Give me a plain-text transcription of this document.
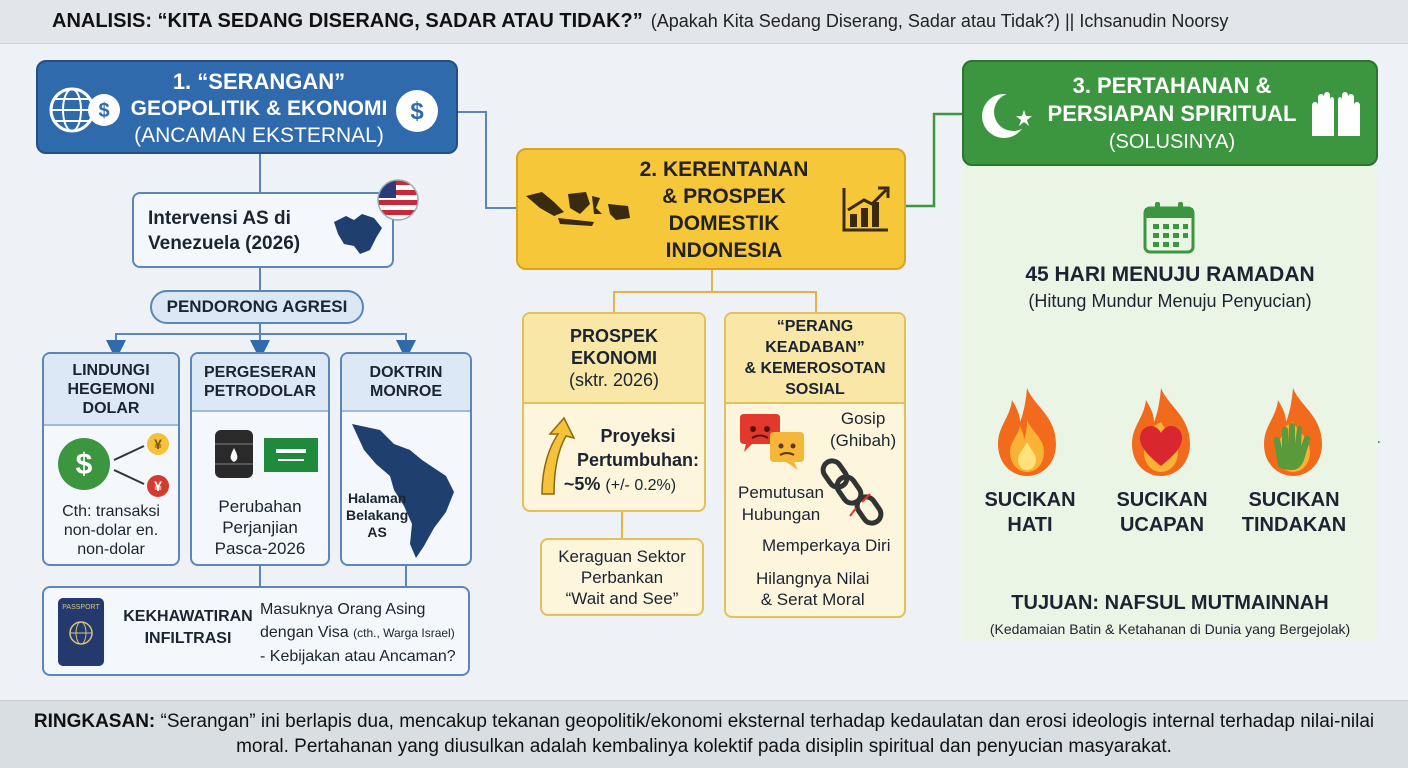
ANALISIS: “KITA SEDANG DISERANG, SADAR ATAU TIDAK?” (Apakah Kita Sedang Diserang, Sadar atau Tidak?) || Ichsanudin Noorsy
$
1. “SERANGAN”
GEOPOLITIK & EKONOMI
(ANCAMAN EKSTERNAL)
$
Intervensi AS di
Venezuela (2026)
PENDORONG AGRESI
LINDUNGI
HEGEMONI
DOLAR
$
¥
¥
Cth: transaksi
non-dolar en.
non-dolar
PERGESERAN
PETRODOLAR
Perubahan
Perjanjian
Pasca-2026
DOKTRIN
MONROE
Halaman
Belakang
AS
PASSPORT
KEKHAWATIRAN
INFILTRASI
Masuknya Orang Asing
dengan Visa (cth., Warga Israel)
- Kebijakan atau Ancaman?
2. KERENTANAN
& PROSPEK
DOMESTIK
INDONESIA
PROSPEK
EKONOMI
(sktr. 2026)
Proyeksi
Pertumbuhan:
~5% (+/- 0.2%)
Keraguan Sektor
Perbankan
“Wait and See”
“PERANG KEADABAN”
& KEMEROSOTAN
SOSIAL
Gosip
(Ghibah)
Pemutusan
Hubungan
Memperkaya Diri
Hilangnya Nilai
& Serat Moral
3. PERTAHANAN &
PERSIAPAN SPIRITUAL
(SOLUSINYA)
45 HARI MENUJU RAMADAN
(Hitung Mundur Menuju Penyucian)
SUCIKAN
HATI
SUCIKAN
UCAPAN
SUCIKAN
TINDAKAN
TUJUAN: NAFSUL MUTMAINNAH
(Kedamaian Batin & Ketahanan di Dunia yang Bergejolak)
RINGKASAN: “Serangan” ini berlapis dua, mencakup tekanan geopolitik/ekonomi eksternal terhadap kedaulatan dan erosi ideologis internal terhadap nilai-nilai moral. Pertahanan yang diusulkan adalah kembalinya kolektif pada disiplin spiritual dan penyucian masyarakat.
